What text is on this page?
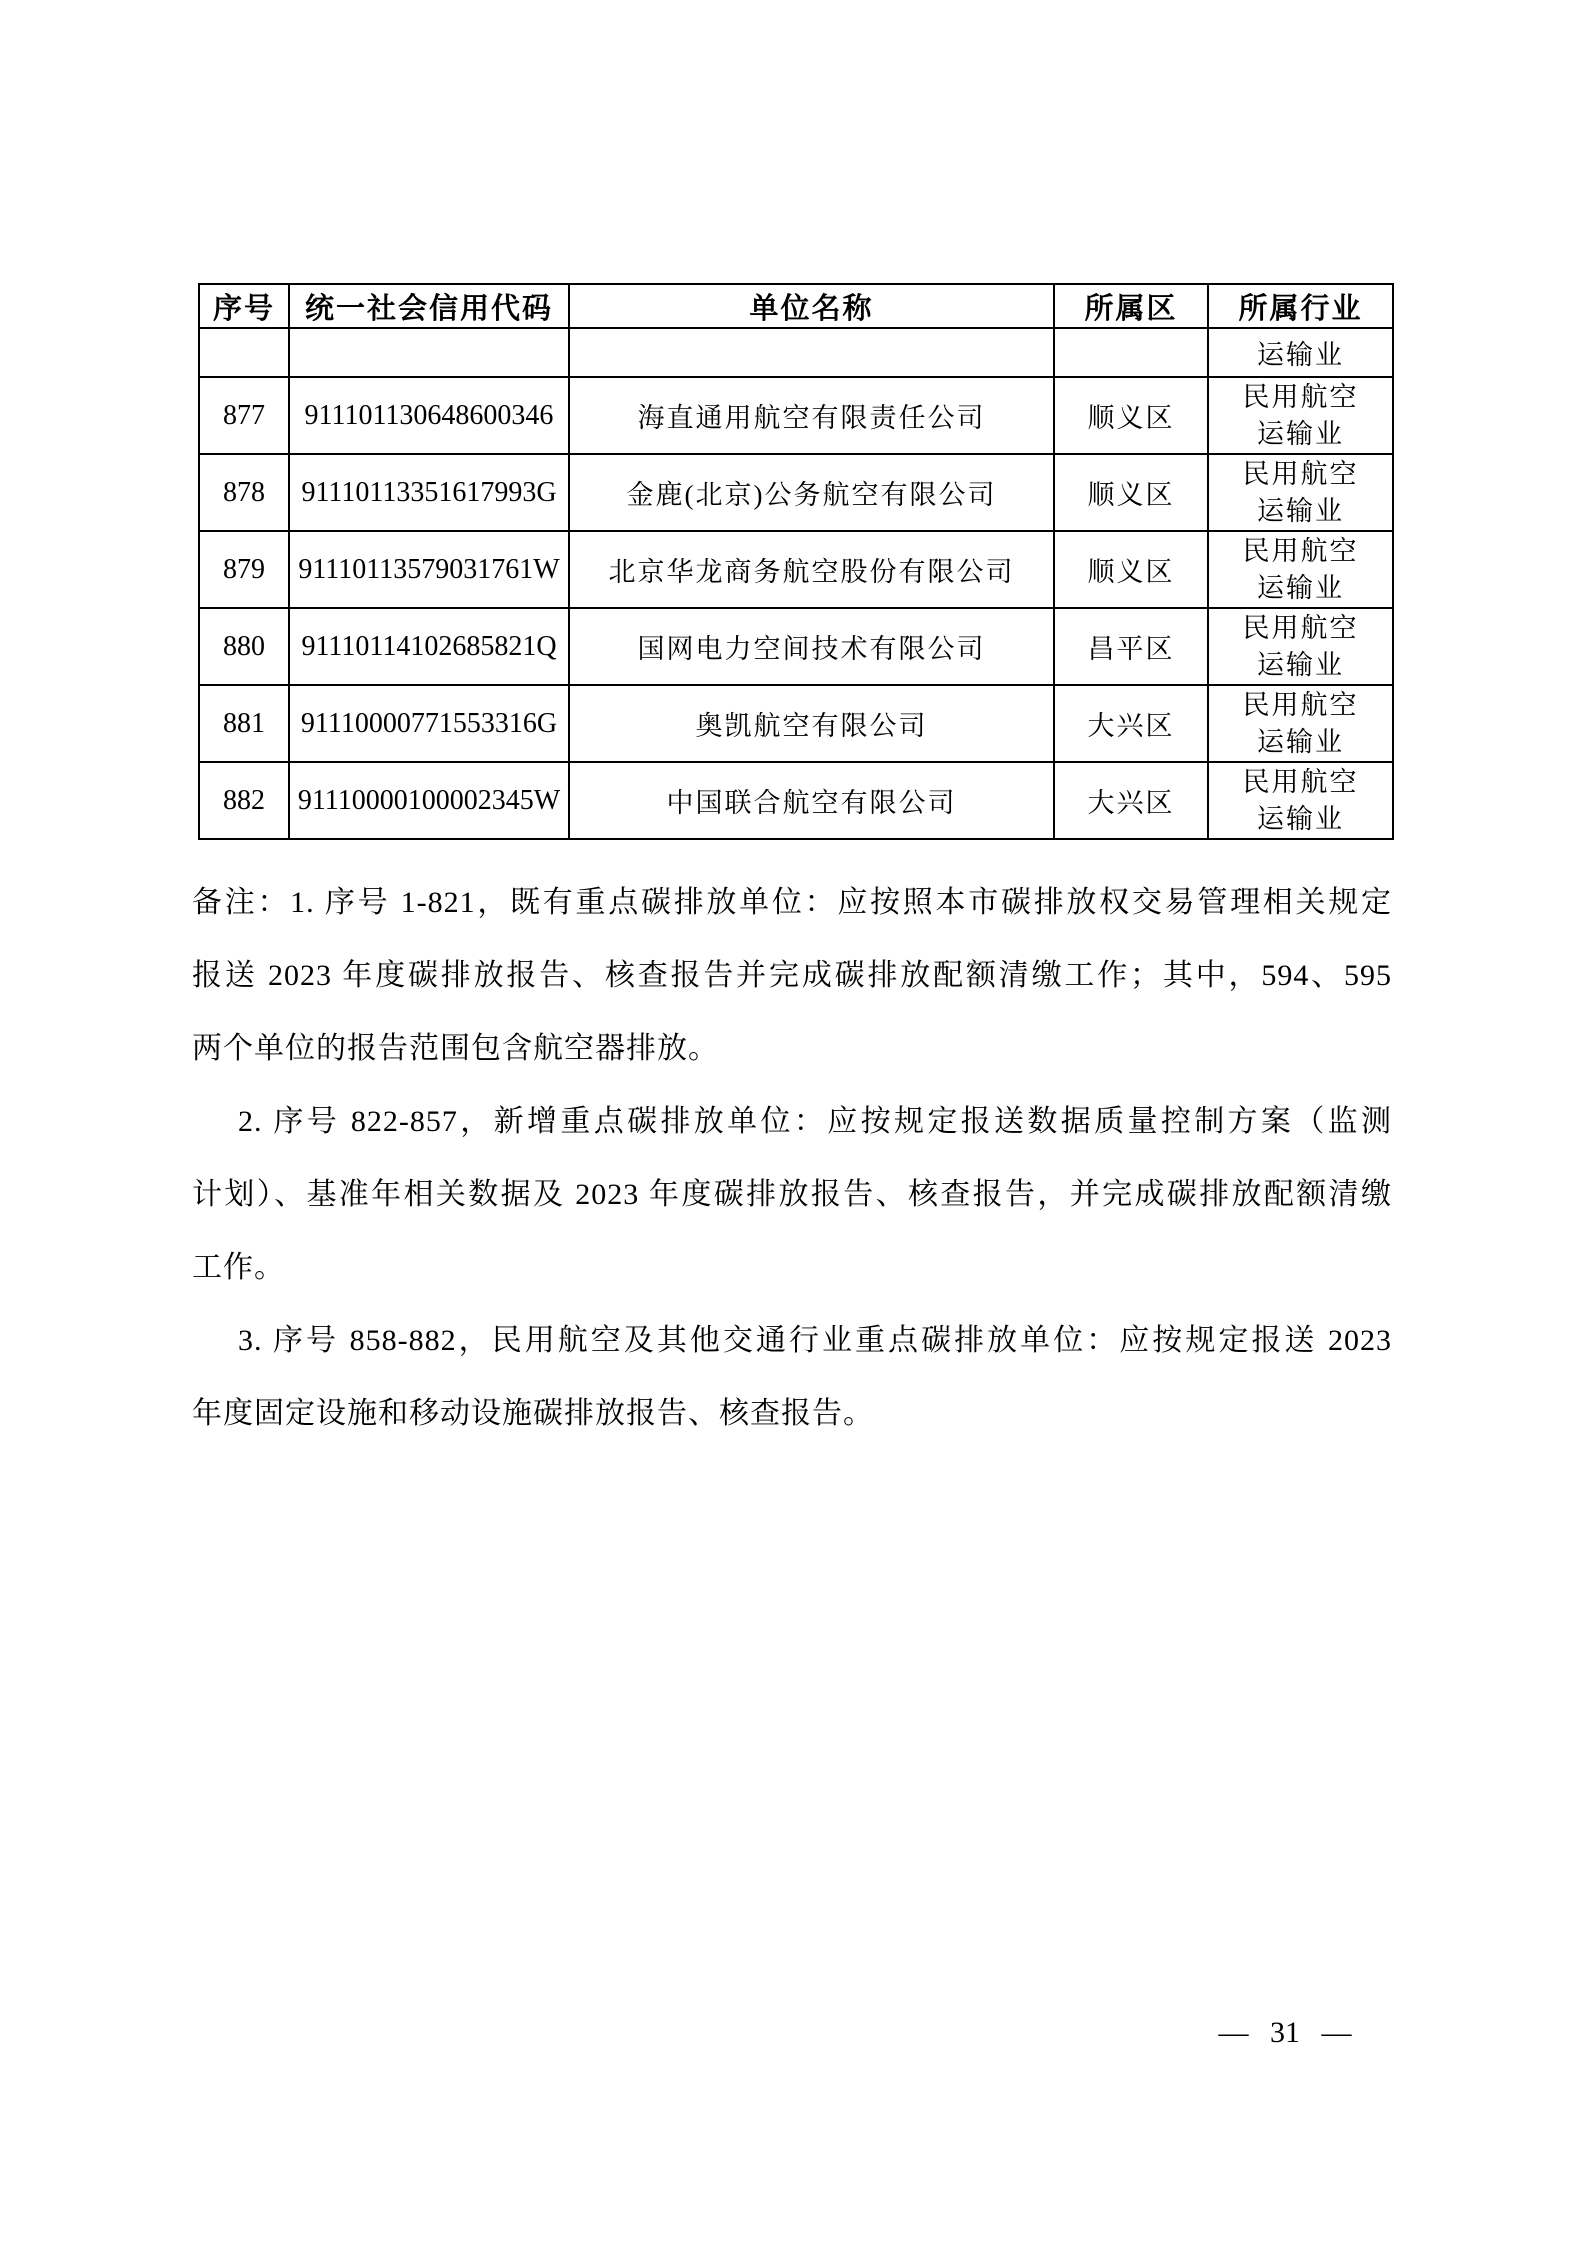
序号	统一社会信用代码	单位名称	所属区	所属行业
				运输业
877	911101130648600346	海直通用航空有限责任公司	顺义区	民用航空运输业
878	91110113351617993G	金鹿(北京)公务航空有限公司	顺义区	民用航空运输业
879	91110113579031761W	北京华龙商务航空股份有限公司	顺义区	民用航空运输业
880	91110114102685821Q	国网电力空间技术有限公司	昌平区	民用航空运输业
881	91110000771553316G	奥凯航空有限公司	大兴区	民用航空运输业
882	91110000100002345W	中国联合航空有限公司	大兴区	民用航空运输业
备注：1. 序号 1-821，既有重点碳排放单位：应按照本市碳排放权交易管理相关规定
报送 2023 年度碳排放报告、核查报告并完成碳排放配额清缴工作；其中，594、595
两个单位的报告范围包含航空器排放。
2. 序号 822-857，新增重点碳排放单位：应按规定报送数据质量控制方案（监测
计划）、基准年相关数据及 2023 年度碳排放报告、核查报告，并完成碳排放配额清缴
工作。
3. 序号 858-882，民用航空及其他交通行业重点碳排放单位：应按规定报送 2023
年度固定设施和移动设施碳排放报告、核查报告。
— 31 —
